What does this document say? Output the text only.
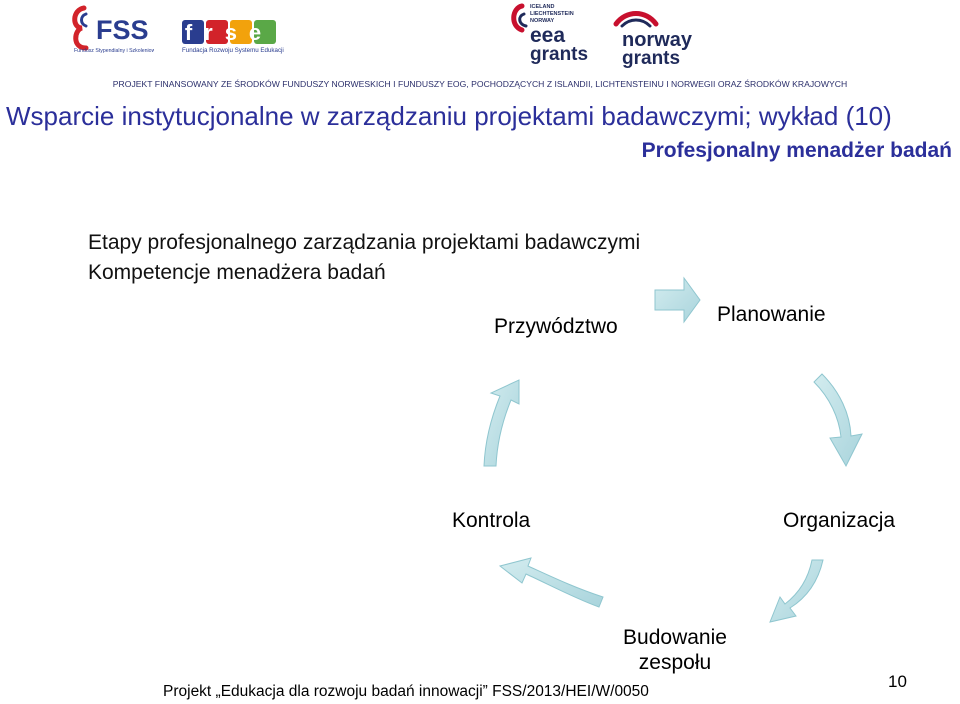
FSS
Fundusz Stypendialny i Szkoleniowy
frse
Fundacja Rozwoju Systemu Edukacji
ICELAND
LIECHTENSTEIN
NORWAY
eea
grants
norway
grants
PROJEKT FINANSOWANY ZE ŚRODKÓW FUNDUSZY NORWESKICH I FUNDUSZY EOG, POCHODZĄCYCH Z ISLANDII, LICHTENSTEINU I NORWEGII ORAZ ŚRODKÓW KRAJOWYCH
Wsparcie instytucjonalne w zarządzaniu projektami badawczymi; wykład (10)
Profesjonalny menadżer badań
Etapy profesjonalnego zarządzania projektami badawczymi
Kompetencje menadżera badań
Planowanie
Przywództwo
Organizacja
Kontrola
Budowanie
zespołu
Projekt „Edukacja dla rozwoju badań innowacji” FSS/2013/HEI/W/0050
10
